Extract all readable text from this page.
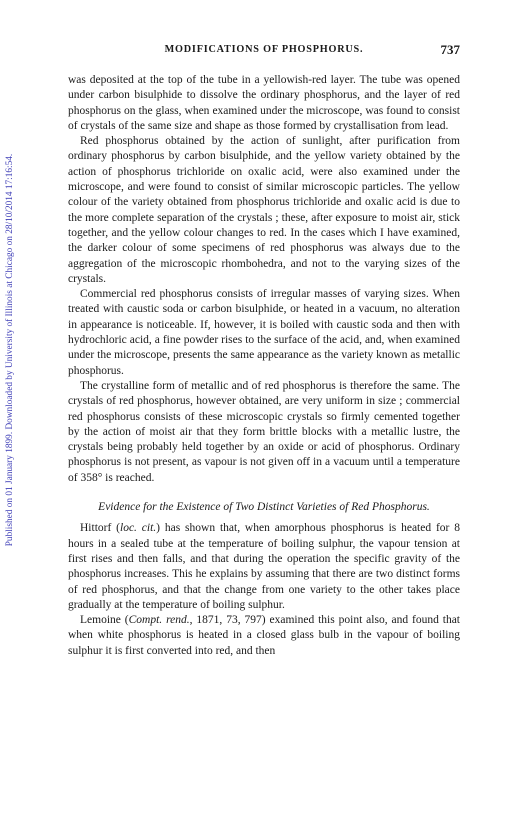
Published on 01 January 1899. Downloaded by University of Illinois at Chicago on 28/10/2014 17:16:54.
MODIFICATIONS OF PHOSPHORUS.	737

was deposited at the top of the tube in a yellowish-red layer. The tube was opened under carbon bisulphide to dissolve the ordinary phosphorus, and the layer of red phosphorus on the glass, when examined under the microscope, was found to consist of crystals of the same size and shape as those formed by crystallisation from lead.

Red phosphorus obtained by the action of sunlight, after purification from ordinary phosphorus by carbon bisulphide, and the yellow variety obtained by the action of phosphorus trichloride on oxalic acid, were also examined under the microscope, and were found to consist of similar microscopic particles. The yellow colour of the variety obtained from phosphorus trichloride and oxalic acid is due to the more complete separation of the crystals ; these, after exposure to moist air, stick together, and the yellow colour changes to red. In the cases which I have examined, the darker colour of some specimens of red phosphorus was always due to the aggregation of the microscopic rhombohedra, and not to the varying sizes of the crystals.

Commercial red phosphorus consists of irregular masses of varying sizes. When treated with caustic soda or carbon bisulphide, or heated in a vacuum, no alteration in appearance is noticeable. If, however, it is boiled with caustic soda and then with hydrochloric acid, a fine powder rises to the surface of the acid, and, when examined under the microscope, presents the same appearance as the variety known as metallic phosphorus.

The crystalline form of metallic and of red phosphorus is therefore the same. The crystals of red phosphorus, however obtained, are very uniform in size ; commercial red phosphorus consists of these microscopic crystals so firmly cemented together by the action of moist air that they form brittle blocks with a metallic lustre, the crystals being probably held together by an oxide or acid of phosphorus. Ordinary phosphorus is not present, as vapour is not given off in a vacuum until a temperature of 358° is reached.

Evidence for the Existence of Two Distinct Varieties of Red Phosphorus.

Hittorf (loc. cit.) has shown that, when amorphous phosphorus is heated for 8 hours in a sealed tube at the temperature of boiling sulphur, the vapour tension at first rises and then falls, and that during the operation the specific gravity of the phosphorus increases. This he explains by assuming that there are two distinct forms of red phosphorus, and that the change from one variety to the other takes place gradually at the temperature of boiling sulphur.

Lemoine (Compt. rend., 1871, 73, 797) examined this point also, and found that when white phosphorus is heated in a closed glass bulb in the vapour of boiling sulphur it is first converted into red, and then
